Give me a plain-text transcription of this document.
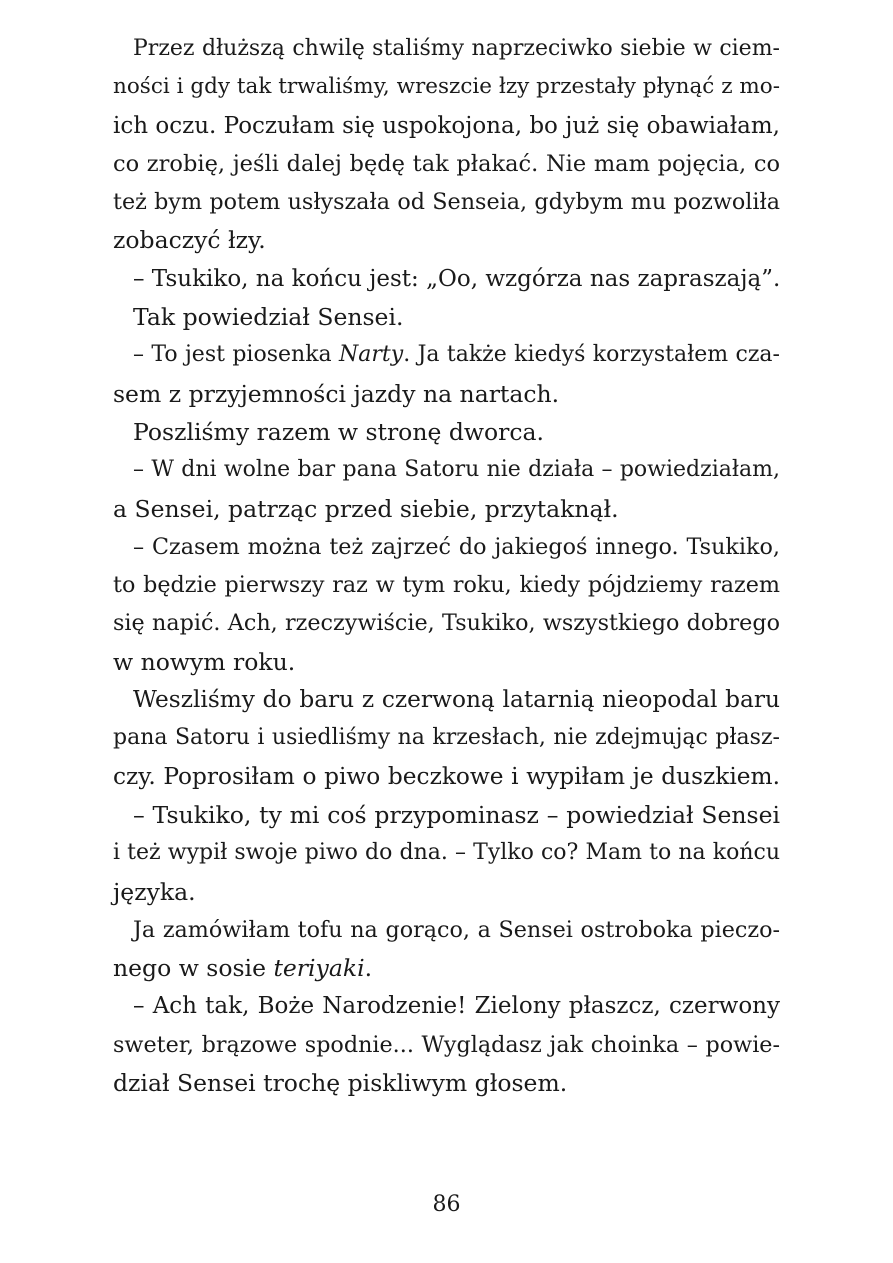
Przez dłuższą chwilę staliśmy naprzeciwko siebie w ciem-
ności i gdy tak trwaliśmy, wreszcie łzy przestały płynąć z mo-
ich oczu. Poczułam się uspokojona, bo już się obawiałam,
co zrobię, jeśli dalej będę tak płakać. Nie mam pojęcia, co
też bym potem usłyszała od Senseia, gdybym mu pozwoliła
zobaczyć łzy.
– Tsukiko, na końcu jest: „Oo, wzgórza nas zapraszają”.
Tak powiedział Sensei.
– To jest piosenka Narty. Ja także kiedyś korzystałem cza-
sem z przyjemności jazdy na nartach.
Poszliśmy razem w stronę dworca.
– W dni wolne bar pana Satoru nie działa – powiedziałam,
a Sensei, patrząc przed siebie, przytaknął.
– Czasem można też zajrzeć do jakiegoś innego. Tsukiko,
to będzie pierwszy raz w tym roku, kiedy pójdziemy razem
się napić. Ach, rzeczywiście, Tsukiko, wszystkiego dobrego
w nowym roku.
Weszliśmy do baru z czerwoną latarnią nieopodal baru
pana Satoru i usiedliśmy na krzesłach, nie zdejmując płasz-
czy. Poprosiłam o piwo beczkowe i wypiłam je duszkiem.
– Tsukiko, ty mi coś przypominasz – powiedział Sensei
i też wypił swoje piwo do dna. – Tylko co? Mam to na końcu
języka.
Ja zamówiłam tofu na gorąco, a Sensei ostroboka pieczo-
nego w sosie teriyaki.
– Ach tak, Boże Narodzenie! Zielony płaszcz, czerwony
sweter, brązowe spodnie... Wyglądasz jak choinka – powie-
dział Sensei trochę piskliwym głosem.
86
